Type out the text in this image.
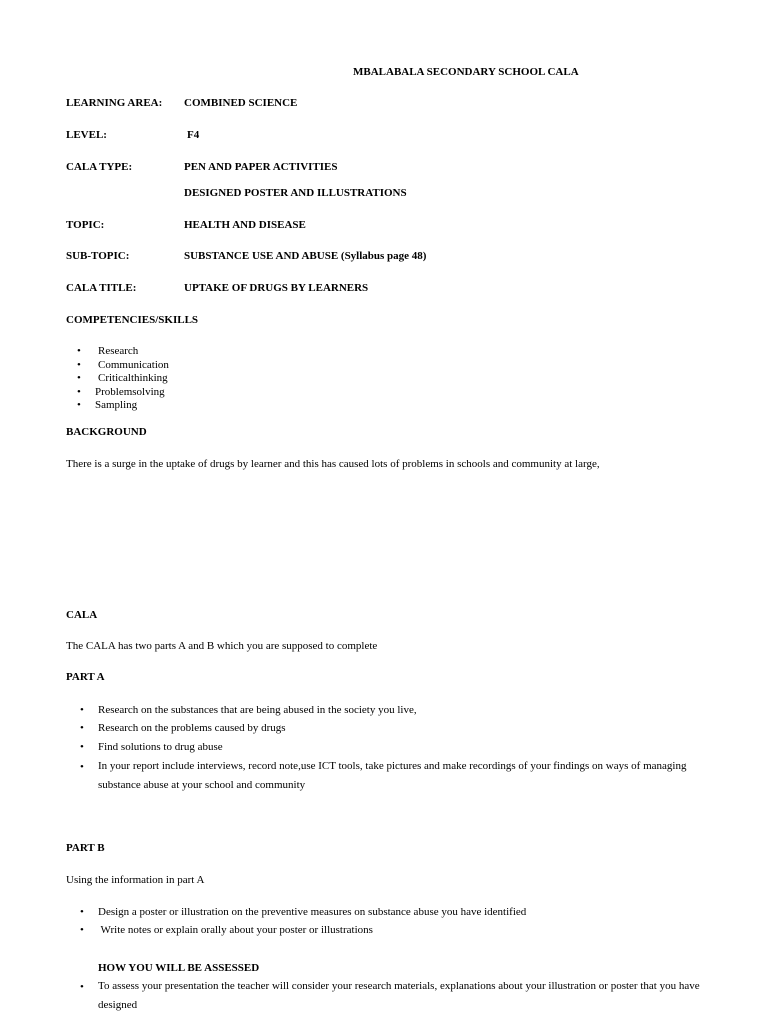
MBALABALA SECONDARY SCHOOL CALA
LEARNING AREA: COMBINED SCIENCE
LEVEL:	F4
CALA TYPE:	PEN AND PAPER ACTIVITIES
DESIGNED POSTER AND ILLUSTRATIONS
TOPIC:	HEALTH AND DISEASE
SUB-TOPIC:	SUBSTANCE USE AND ABUSE (Syllabus page 48)
CALA TITLE:	UPTAKE OF DRUGS BY LEARNERS
COMPETENCIES/SKILLS
• Research
• Communication
• Criticalthinking
• Problemsolving
• Sampling
BACKGROUND
There is a surge in the uptake of drugs by learner and this has caused lots of problems in schools and community at large,
CALA
The CALA has two parts A and B which you are supposed to complete
PART A
• Research on the substances that are being abused in the society you live,
• Research on the problems caused by drugs
• Find solutions to drug abuse
• In your report include interviews, record note,use ICT tools, take pictures and make recordings of your findings on ways of managing substance abuse at your school and community
PART B
Using the information in part A
• Design a poster or illustration on the preventive measures on substance abuse you have identified
• Write notes or explain orally about your poster or illustrations
HOW YOU WILL BE ASSESSED
• To assess your presentation the teacher will consider your research materials, explanations about your illustration or poster that you have designed
